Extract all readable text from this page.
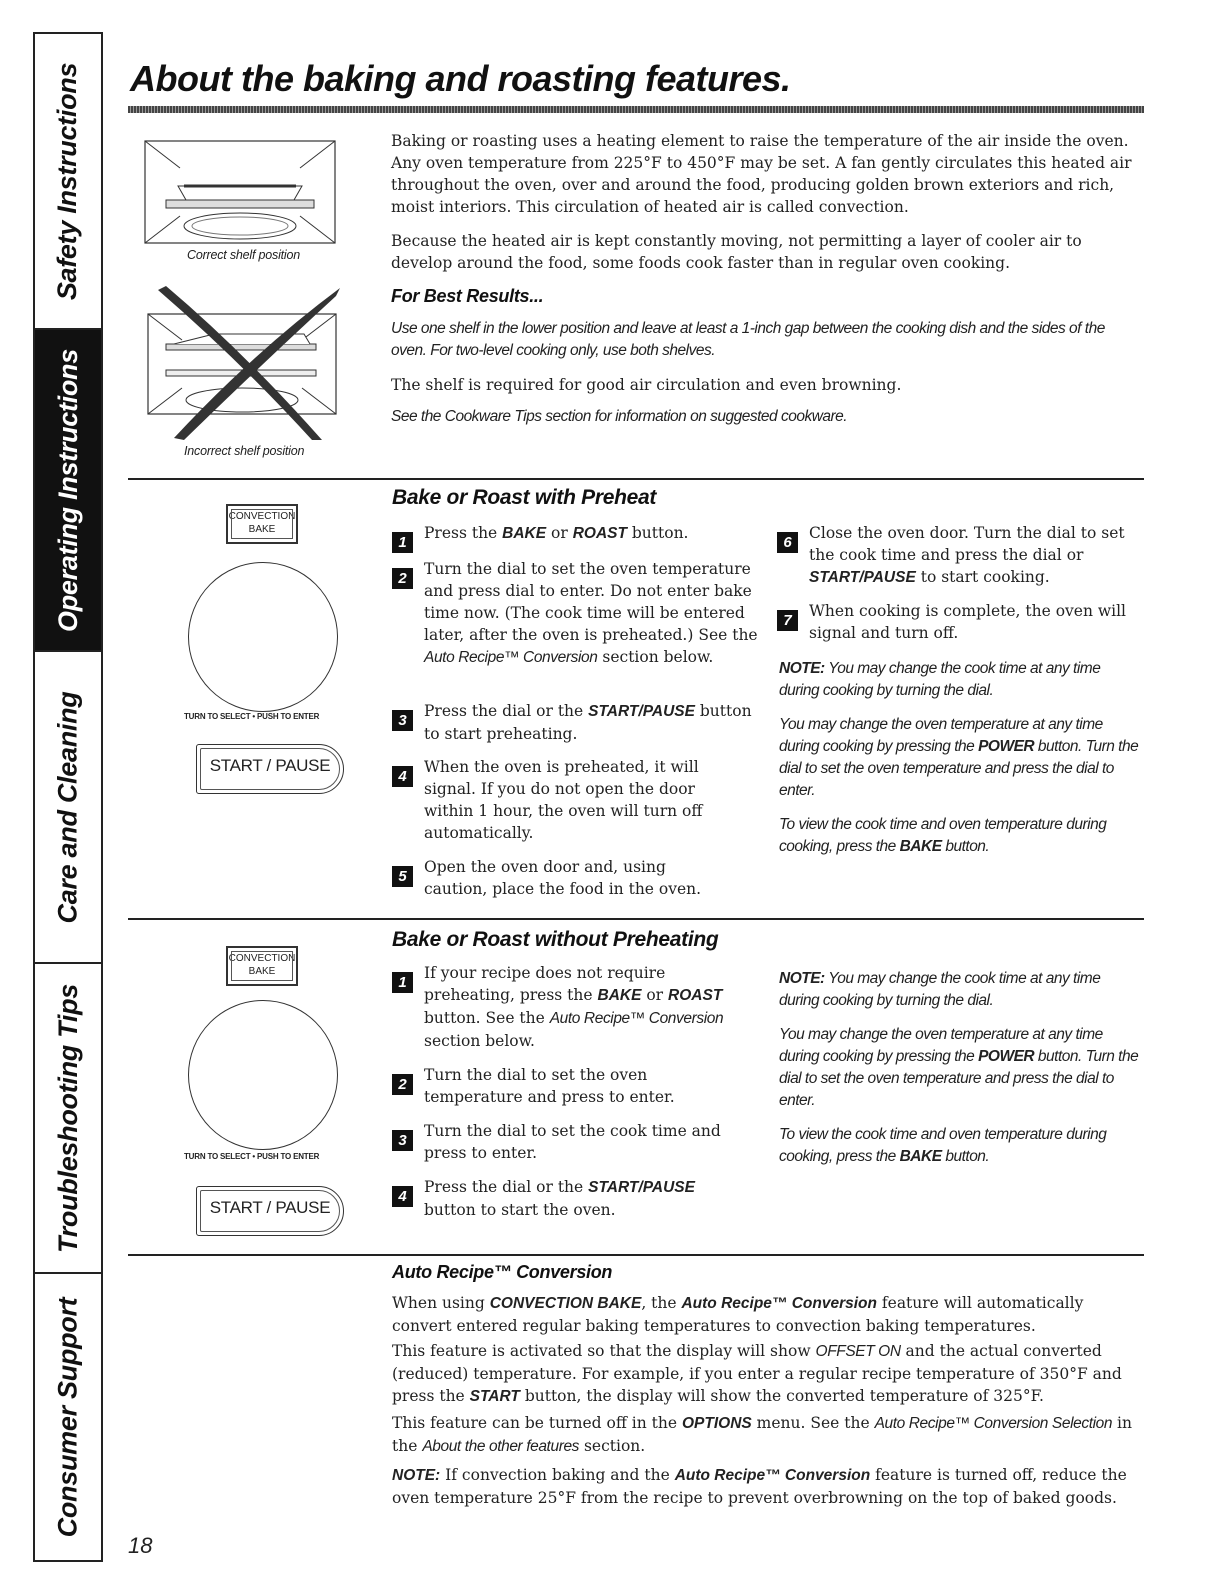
Safety Instructions
Operating Instructions
Care and Cleaning
Troubleshooting Tips
Consumer Support
About the baking and roasting features.
Correct shelf position
Incorrect shelf position

Baking or roasting uses a heating element to raise the temperature of the air inside the oven. Any oven temperature from 225°F to 450°F may be set. A fan gently circulates this heated air throughout the oven, over and around the food, producing golden brown exteriors and rich, moist interiors. This circulation of heated air is called convection.

Because the heated air is kept constantly moving, not permitting a layer of cooler air to develop around the food, some foods cook faster than in regular oven cooking.

For Best Results...

Use one shelf in the lower position and leave at least a 1-inch gap between the cooking dish and the sides of the oven. For two-level cooking only, use both shelves.

The shelf is required for good air circulation and even browning.

See the Cookware Tips section for information on suggested cookware.

CONVECTION
BAKE
TURN TO SELECT • PUSH TO ENTER
START / PAUSE
Bake or Roast with Preheat
1
Press the BAKE or ROAST button.
2
Turn the dial to set the oven temperature and press dial to enter. Do not enter bake time now. (The cook time will be entered later, after the oven is preheated.) See the Auto Recipe™ Conversion section below.
3
Press the dial or the START/PAUSE button to start preheating.
4
When the oven is preheated, it will signal. If you do not open the door within 1 hour, the oven will turn off automatically.
5
Open the oven door and, using caution, place the food in the oven.
6
Close the oven door. Turn the dial to set the cook time and press the dial or START/PAUSE to start cooking.
7
When cooking is complete, the oven will signal and turn off.

NOTE: You may change the cook time at any time during cooking by turning the dial.

You may change the oven temperature at any time during cooking by pressing the POWER button. Turn the dial to set the oven temperature and press the dial to enter.

To view the cook time and oven temperature during cooking, press the BAKE button.

CONVECTION
BAKE
TURN TO SELECT • PUSH TO ENTER
START / PAUSE
Bake or Roast without Preheating
1
If your recipe does not require preheating, press the BAKE or ROAST button. See the Auto Recipe™ Conversion section below.
2
Turn the dial to set the oven temperature and press to enter.
3
Turn the dial to set the cook time and press to enter.
4
Press the dial or the START/PAUSE button to start the oven.

NOTE: You may change the cook time at any time during cooking by turning the dial.

You may change the oven temperature at any time during cooking by pressing the POWER button. Turn the dial to set the oven temperature and press the dial to enter.

To view the cook time and oven temperature during cooking, press the BAKE button.

Auto Recipe™ Conversion

When using CONVECTION BAKE, the Auto Recipe™ Conversion feature will automatically convert entered regular baking temperatures to convection baking temperatures.

This feature is activated so that the display will show OFFSET ON and the actual converted (reduced) temperature. For example, if you enter a regular recipe temperature of 350°F and press the START button, the display will show the converted temperature of 325°F.

This feature can be turned off in the OPTIONS menu. See the Auto Recipe™ Conversion Selection in the About the other features section.

NOTE: If convection baking and the Auto Recipe™ Conversion feature is turned off, reduce the oven temperature 25°F from the recipe to prevent overbrowning on the top of baked goods.

18
